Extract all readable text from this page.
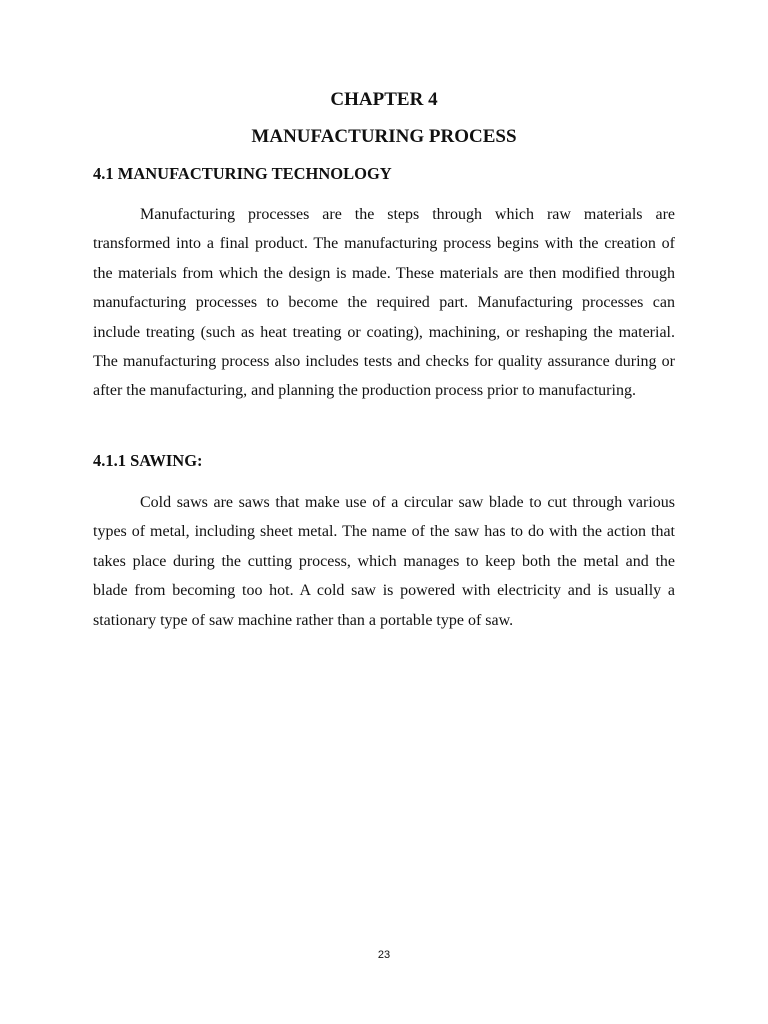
CHAPTER 4
MANUFACTURING PROCESS
4.1 MANUFACTURING TECHNOLOGY

Manufacturing processes are the steps through which raw materials are transformed into a final product. The manufacturing process begins with the creation of the materials from which the design is made. These materials are then modified through manufacturing processes to become the required part. Manufacturing processes can include treating (such as heat treating or coating), machining, or reshaping the material. The manufacturing process also includes tests and checks for quality assurance during or after the manufacturing, and planning the production process prior to manufacturing.

4.1.1 SAWING:

Cold saws are saws that make use of a circular saw blade to cut through various types of metal, including sheet metal. The name of the saw has to do with the action that takes place during the cutting process, which manages to keep both the metal and the blade from becoming too hot. A cold saw is powered with electricity and is usually a stationary type of saw machine rather than a portable type of saw.

23
